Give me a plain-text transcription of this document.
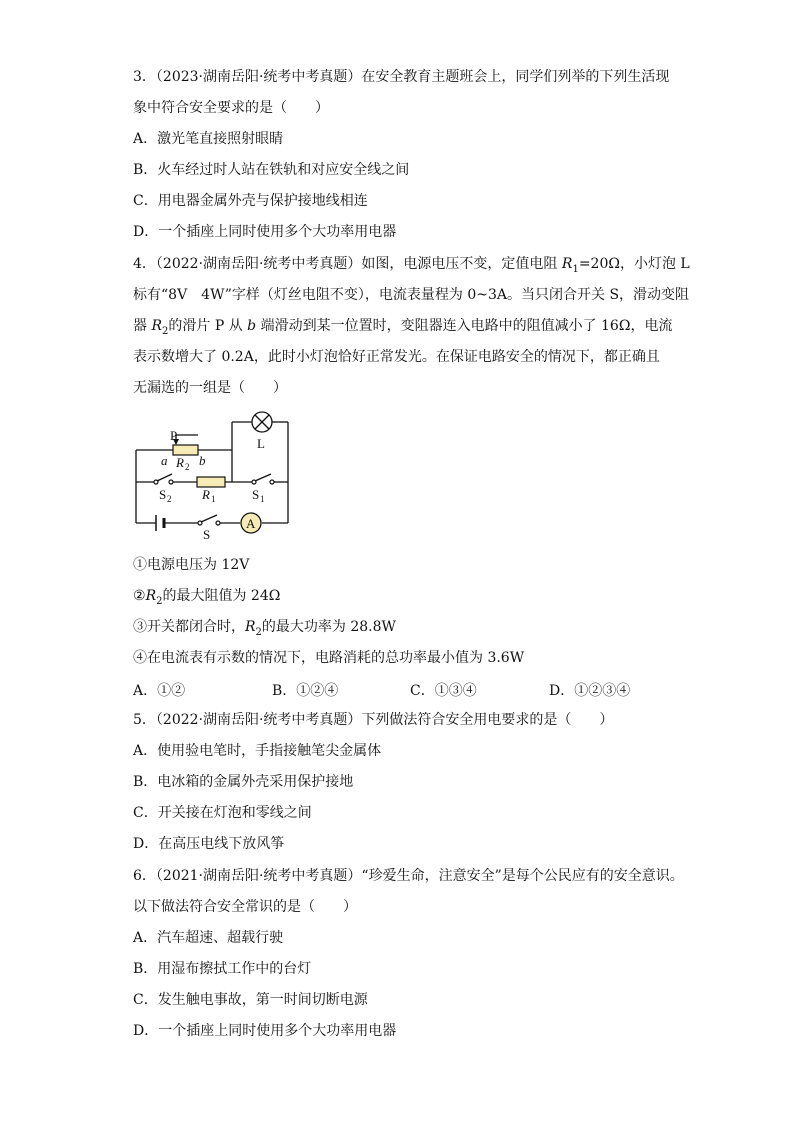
3．（2023·湖南岳阳·统考中考真题）在安全教育主题班会上，同学们列举的下列生活现
象中符合安全要求的是（　　）
A．激光笔直接照射眼睛
B．火车经过时人站在铁轨和对应安全线之间
C．用电器金属外壳与保护接地线相连
D．一个插座上同时使用多个大功率用电器
4．（2022·湖南岳阳·统考中考真题）如图，电源电压不变，定值电阻 $R_1=20\Omega$，小灯泡 L
标有“8V　4W”字样（灯丝电阻不变），电流表量程为 0~3A。当只闭合开关 S，滑动变阻
器 $R_2$的滑片 P 从 b 端滑动到某一位置时，变阻器连入电路中的阻值减小了 16Ω，电流
表示数增大了 0.2A，此时小灯泡恰好正常发光。在保证电路安全的情况下，都正确且
无漏选的一组是（　　）
P
a R 2 b
L
S 2 R 1	S 1
S
A
①电源电压为 12V
$②R_2$的最大阻值为 24Ω
③开关都闭合时，$R_2$的最大功率为 28.8W
④在电流表有示数的情况下，电路消耗的总功率最小值为 3.6W
A．①②	B．①②④	C．①③④	D．①②③④
5．（2022·湖南岳阳·统考中考真题）下列做法符合安全用电要求的是（　　）
A．使用验电笔时，手指接触笔尖金属体
B．电冰箱的金属外壳采用保护接地
C．开关接在灯泡和零线之间
D．在高压电线下放风筝
6．（2021·湖南岳阳·统考中考真题）“珍爱生命，注意安全”是每个公民应有的安全意识。
以下做法符合安全常识的是（　　）
A．汽车超速、超载行驶
B．用湿布擦拭工作中的台灯
C．发生触电事故，第一时间切断电源
D．一个插座上同时使用多个大功率用电器
